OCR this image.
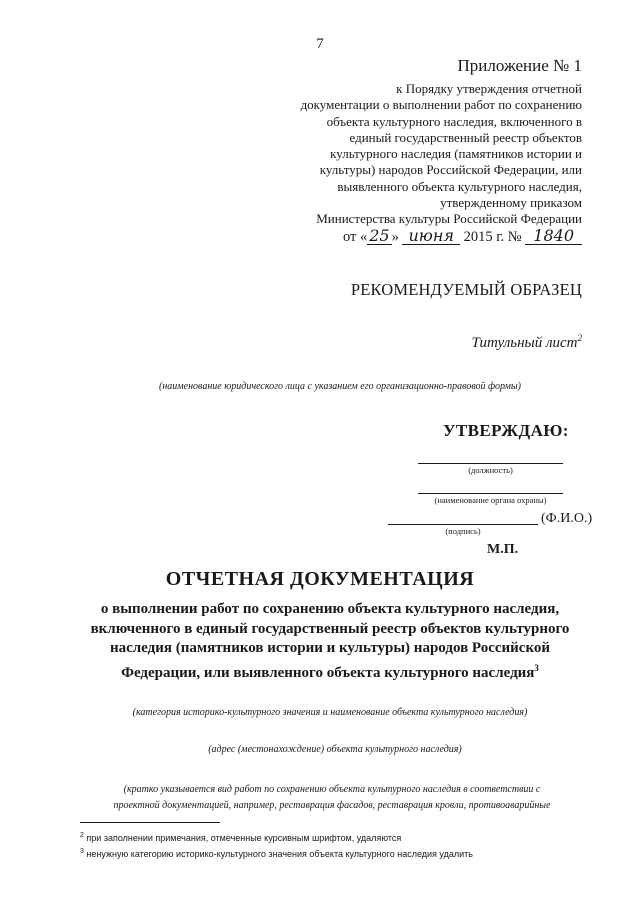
7
Приложение № 1
к Порядку утверждения отчетной
документации о выполнении работ по сохранению
объекта культурного наследия, включенного в
единый государственный реестр объектов
культурного наследия (памятников истории и
культуры) народов Российской Федерации, или
выявленного объекта культурного наследия,
утвержденному приказом
Министерства культуры Российской Федерации
от « 25 » июня 2015 г. № 1840
РЕКОМЕНДУЕМЫЙ ОБРАЗЕЦ
Титульный лист$^2$
(наименование юридического лица с указанием его организационно-правовой формы)
УТВЕРЖДАЮ:
(должность)
(наименование органа охраны)
(подпись)
(Ф.И.О.)
М.П.
ОТЧЕТНАЯ ДОКУМЕНТАЦИЯ
о выполнении работ по сохранению объекта культурного наследия,
включенного в единый государственный реестр объектов культурного
наследия (памятников истории и культуры) народов Российской
Федерации, или выявленного объекта культурного наследия$^3$
(категория историко-культурного значения и наименование объекта культурного наследия)
(адрес (местонахождение) объекта культурного наследия)
(кратко указывается вид работ по сохранению объекта культурного наследия в соответствии с
проектной документацией, например, реставрация фасадов, реставрация кровли, противоаварийные
$^2$ при заполнении примечания, отмеченные курсивным шрифтом, удаляются
$^3$ ненужную категорию историко-культурного значения объекта культурного наследия удалить
